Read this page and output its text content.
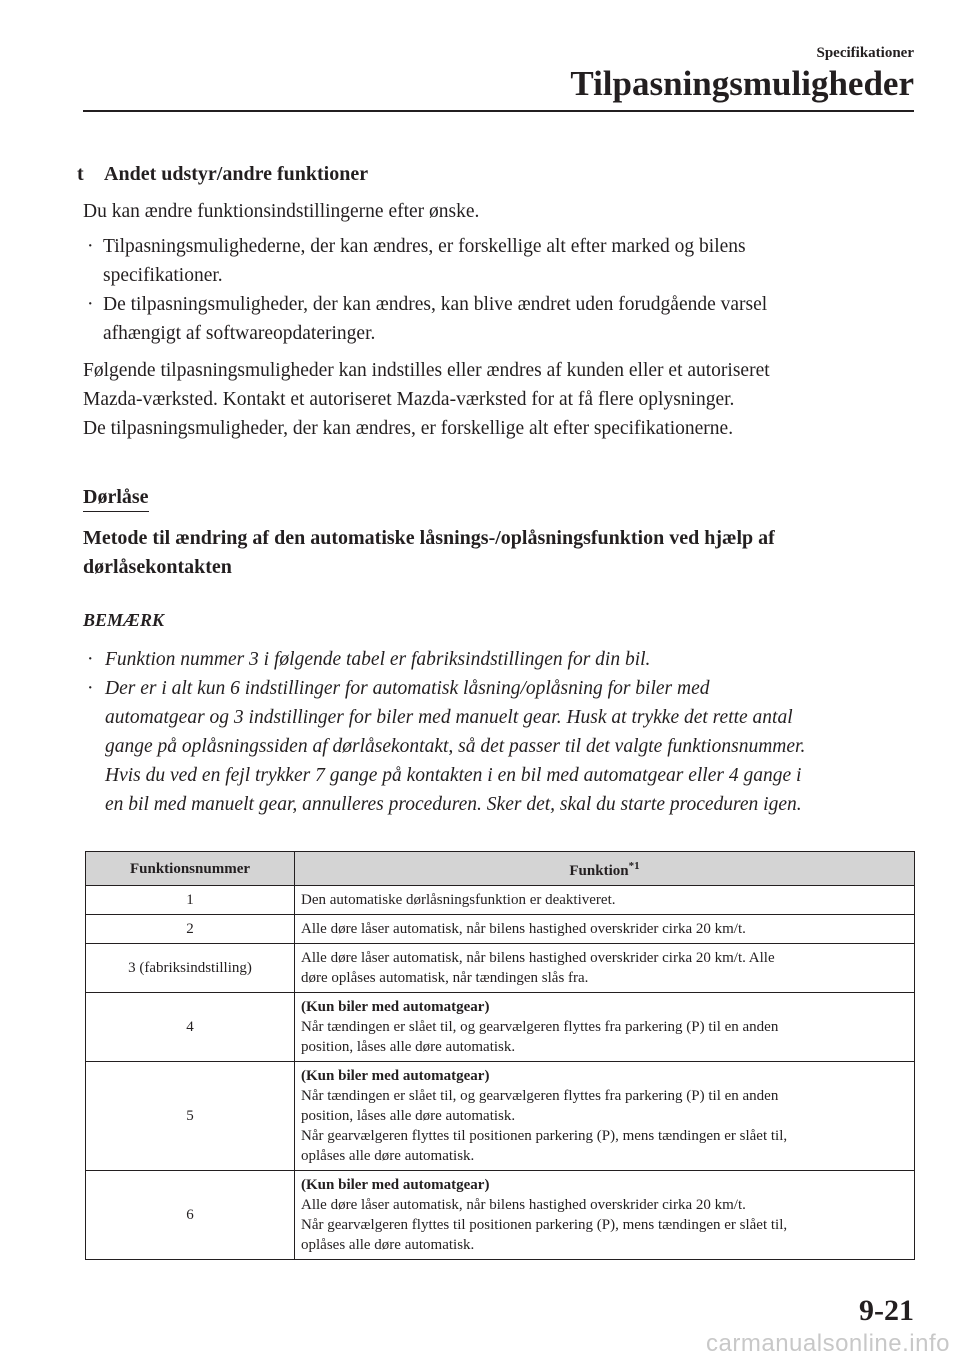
Specifikationer
Tilpasningsmuligheder
t Andet udstyr/andre funktioner
Du kan ændre funktionsindstillingerne efter ønske.
· Tilpasningsmulighederne, der kan ændres, er forskellige alt efter marked og bilens
specifikationer.
· De tilpasningsmuligheder, der kan ændres, kan blive ændret uden forudgående varsel
afhængigt af softwareopdateringer.
Følgende tilpasningsmuligheder kan indstilles eller ændres af kunden eller et autoriseret
Mazda-værksted. Kontakt et autoriseret Mazda-værksted for at få flere oplysninger.
De tilpasningsmuligheder, der kan ændres, er forskellige alt efter specifikationerne.
Dørlåse
Metode til ændring af den automatiske låsnings-/oplåsningsfunktion ved hjælp af
dørlåsekontakten
BEMÆRK
· Funktion nummer 3 i følgende tabel er fabriksindstillingen for din bil.
· Der er i alt kun 6 indstillinger for automatisk låsning/oplåsning for biler med
automatgear og 3 indstillinger for biler med manuelt gear. Husk at trykke det rette antal
gange på oplåsningssiden af dørlåsekontakt, så det passer til det valgte funktionsnummer.
Hvis du ved en fejl trykker 7 gange på kontakten i en bil med automatgear eller 4 gange i
en bil med manuelt gear, annulleres proceduren. Sker det, skal du starte proceduren igen.
Funktionsnummer	Funktion$^{*1}$
1	Den automatiske dørlåsningsfunktion er deaktiveret.

2	Alle døre låser automatisk, når bilens hastighed overskrider cirka 20 km/t.

3 (fabriksindstilling)	Alle døre låser automatisk, når bilens hastighed overskrider cirka 20 km/t. Alle
døre oplåses automatisk, når tændingen slås fra.

4	(Kun biler med automatgear)
Når tændingen er slået til, og gearvælgeren flyttes fra parkering (P) til en anden
position, låses alle døre automatisk.

5	(Kun biler med automatgear)
Når tændingen er slået til, og gearvælgeren flyttes fra parkering (P) til en anden
position, låses alle døre automatisk.
Når gearvælgeren flyttes til positionen parkering (P), mens tændingen er slået til,
oplåses alle døre automatisk.

6	(Kun biler med automatgear)
Alle døre låser automatisk, når bilens hastighed overskrider cirka 20 km/t.
Når gearvælgeren flyttes til positionen parkering (P), mens tændingen er slået til,
oplåses alle døre automatisk.
9-21
carmanualsonline.info
